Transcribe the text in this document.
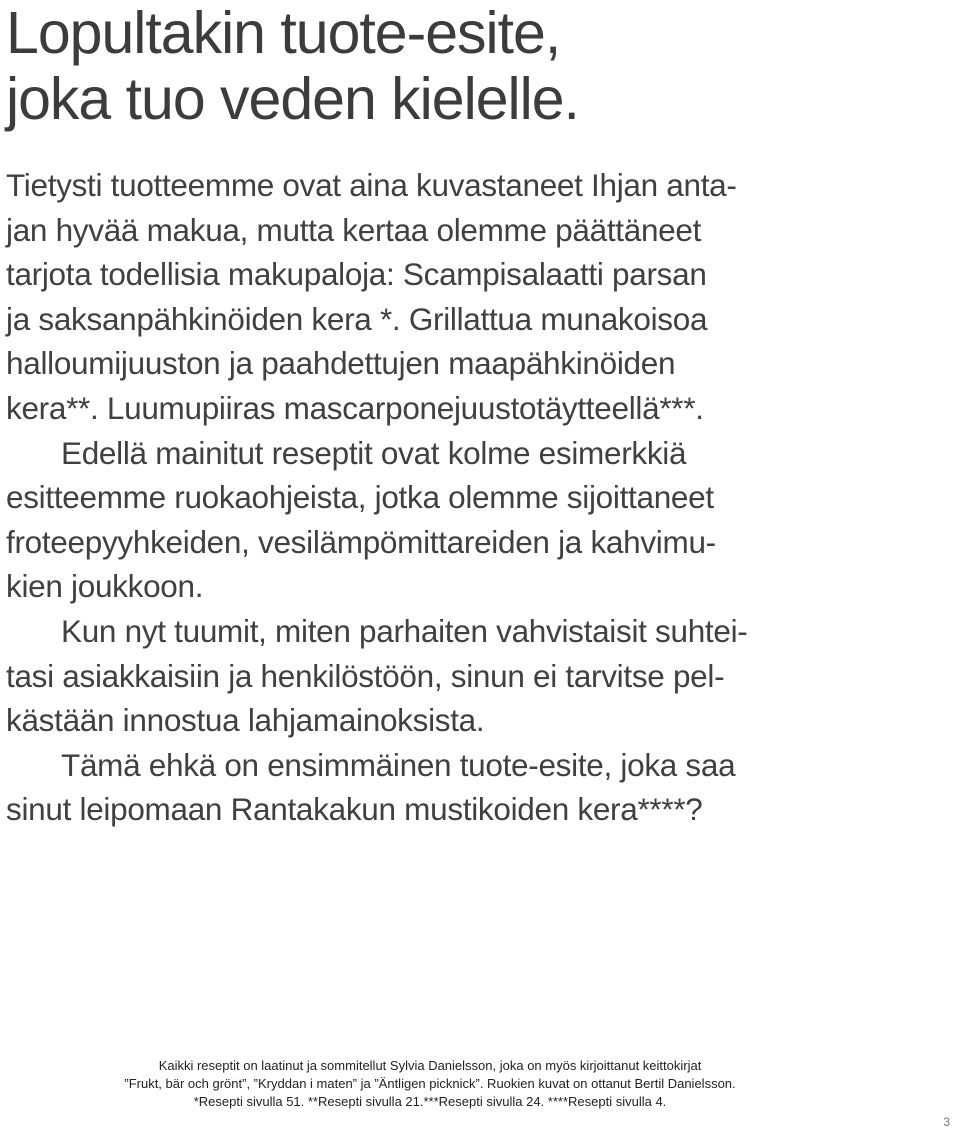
Lopultakin tuote-esite,
joka tuo veden kielelle.
Tietysti tuotteemme ovat aina kuvastaneet Ihjan anta-
jan hyvää makua, mutta kertaa olemme päättäneet
tarjota todellisia makupaloja: Scampisalaatti parsan
ja saksanpähkinöiden kera *. Grillattua munakoisoa
halloumijuuston ja paahdettujen maapähkinöiden
kera**. Luumupiiras mascarponejuustotäytteellä***.
Edellä mainitut reseptit ovat kolme esimerkkiä
esitteemme ruokaohjeista, jotka olemme sijoittaneet
froteepyyhkeiden, vesilämpömittareiden ja kahvimu-
kien joukkoon.
Kun nyt tuumit, miten parhaiten vahvistaisit suhtei-
tasi asiakkaisiin ja henkilöstöön, sinun ei tarvitse pel-
kästään innostua lahjamainoksista.
Tämä ehkä on ensimmäinen tuote-esite, joka saa
sinut leipomaan Rantakakun mustikoiden kera****?
Kaikki reseptit on laatinut ja sommitellut Sylvia Danielsson, joka on myös kirjoittanut keittokirjat
”Frukt, bär och grönt”, ”Kryddan i maten” ja ”Äntligen picknick”. Ruokien kuvat on ottanut Bertil Danielsson.
*Resepti sivulla 51. **Resepti sivulla 21.***Resepti sivulla 24. ****Resepti sivulla 4.
3
